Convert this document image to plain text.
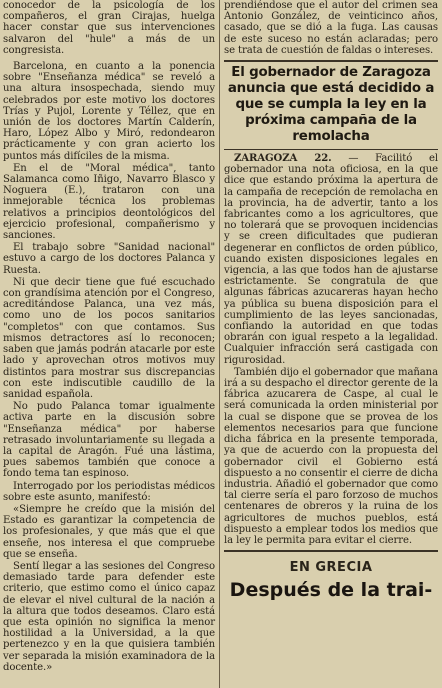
conocedor de la psicología de los compañeros, el gran Cirajas, huelga hacer constar que sus intervenciones salvaron del "hule" a más de un congresista.

Barcelona, en cuanto a la ponencia sobre "Enseñanza médica" se reveló a una altura insospechada, siendo muy celebrados por este motivo los doctores Trías y Pujol, Lorente y Téllez, que en unión de los doctores Martín Calderín, Haro, López Albo y Miró, redondearon prácticamente y con gran acierto los puntos más difíciles de la misma.

En el de "Moral médica", tanto Salamanca como Iñigo, Navarro Blasco y Noguera (E.), trataron con una inmejorable técnica los problemas relativos a principios deontológicos del ejercicio profesional, compañerismo y sanciones.

El trabajo sobre "Sanidad nacional" estuvo a cargo de los doctores Palanca y Ruesta.

Ni que decir tiene que fué escuchado con grandísima atención por el Congreso, acreditándose Palanca, una vez más, como uno de los pocos sanitarios "completos" con que contamos. Sus mismos detractores así lo reconocen; saben que jamás podrán atacarle por este lado y aprovechan otros motivos muy distintos para mostrar sus discrepancias con este indiscutible caudillo de la sanidad española.

No pudo Palanca tomar igualmente activa parte en la discusión sobre "Enseñanza médica" por haberse retrasado involuntariamente su llegada a la capital de Aragón. Fué una lástima, pues sabemos también que conoce a fondo tema tan espinoso.

Interrogado por los periodistas médicos sobre este asunto, manifestó:

«Siempre he creído que la misión del Estado es garantizar la competencia de los profesionales, y que más que el que enseñe, nos interesa el que compruebe que se enseña.

Sentí llegar a las sesiones del Congreso demasiado tarde para defender este criterio, que estimo como el único capaz de elevar el nivel cultural de la nación a la altura que todos deseamos. Claro está que esta opinión no significa la menor hostilidad a la Universidad, a la que pertenezco y en la que quisiera también ver separada la misión examinadora de la docente.»

prendiéndose que el autor del crimen sea Antonio González, de veinticinco años, casado, que se dió a la fuga. Las causas de este suceso no están aclaradas; pero se trata de cuestión de faldas o intereses.

El gobernador de Zaragoza anuncia que está decidido a que se cumpla la ley en la próxima campaña de la remolacha

ZARAGOZA 22. — Facilitó el gobernador una nota oficiosa, en la que dice que estando próxima la apertura de la campaña de recepción de remolacha en la provincia, ha de advertir, tanto a los fabricantes como a los agricultores, que no tolerará que se provoquen incidencias y se creen dificultades que pudieran degenerar en conflictos de orden público, cuando existen disposiciones legales en vigencia, a las que todos han de ajustarse estrictamente. Se congratula de que algunas fábricas azucareras hayan hecho ya pública su buena disposición para el cumplimiento de las leyes sancionadas, confiando la autoridad en que todas obrarán con igual respeto a la legalidad. Cualquier infracción será castigada con rigurosidad.

También dijo el gobernador que mañana irá a su despacho el director gerente de la fábrica azucarera de Caspe, al cual le será comunicada la orden ministerial por la cual se dispone que se provea de los elementos necesarios para que funcione dicha fábrica en la presente temporada, ya que de acuerdo con la propuesta del gobernador civil el Gobierno está dispuesto a no consentir el cierre de dicha industria. Añadió el gobernador que como tal cierre sería el paro forzoso de muchos centenares de obreros y la ruina de los agricultores de muchos pueblos, está dispuesto a emplear todos los medios que la ley le permita para evitar el cierre.

EN GRECIA
Después de la trai-
